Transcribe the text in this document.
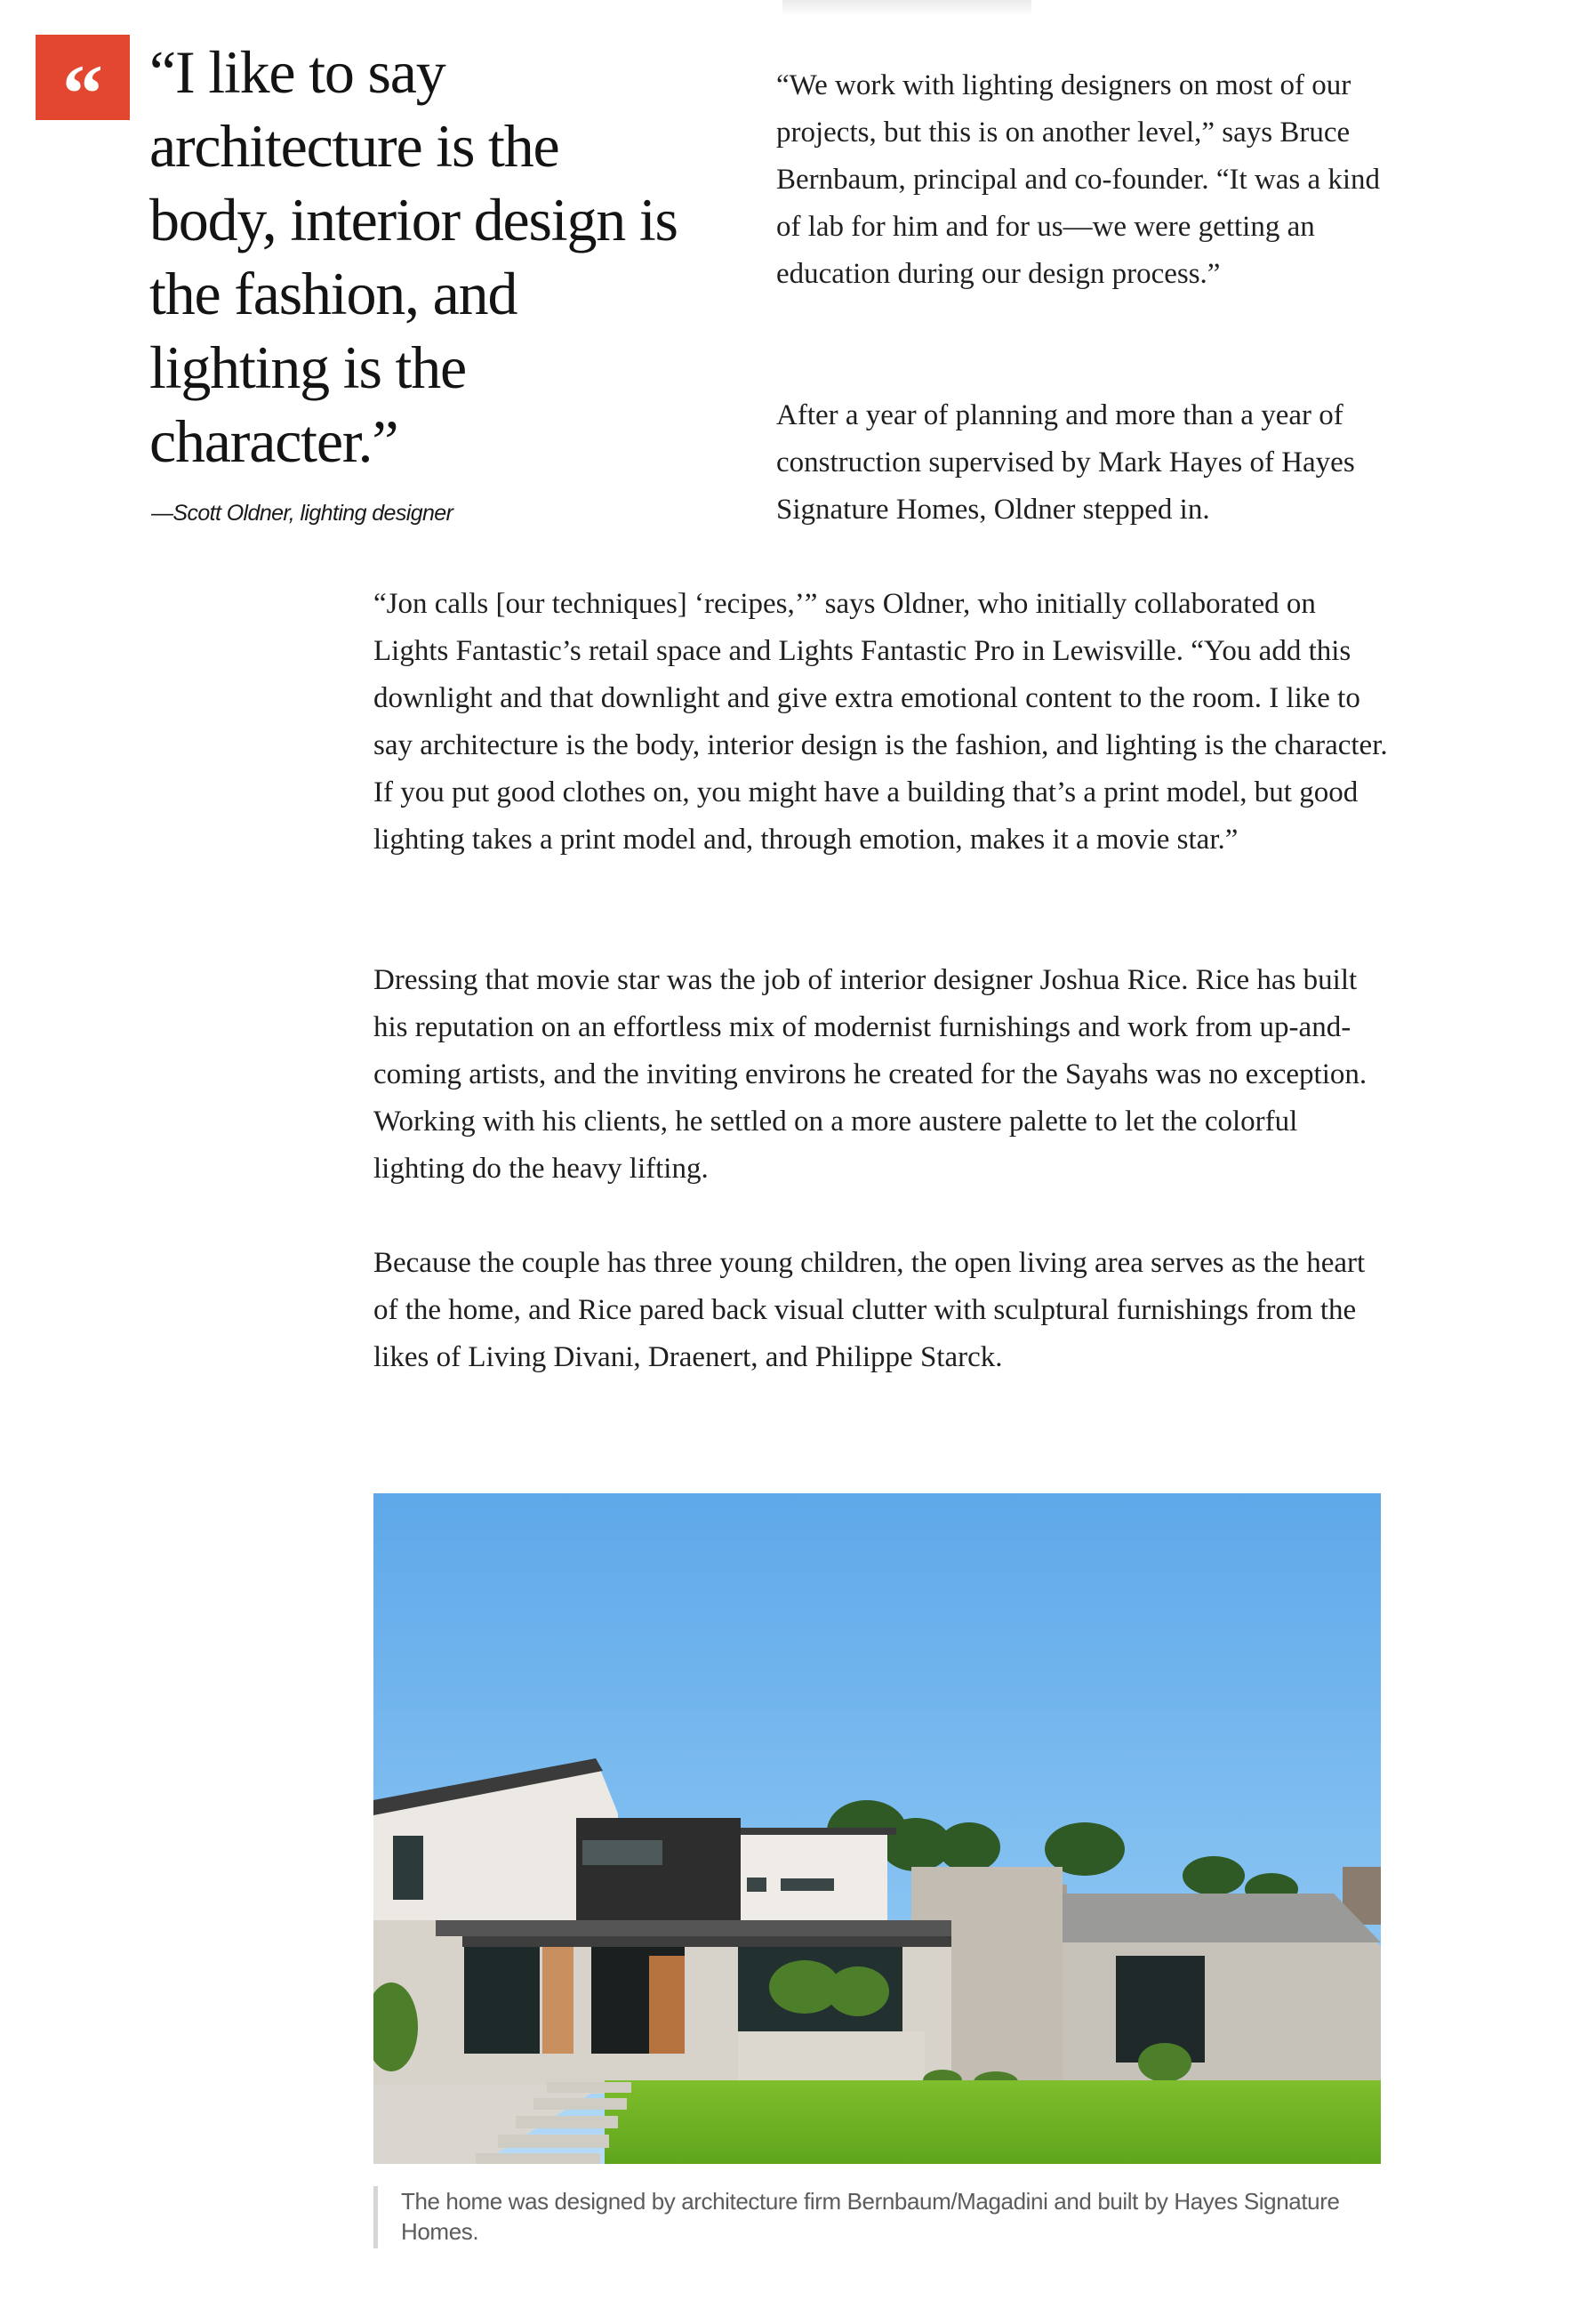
“ “I like to say architecture is the body, interior design is the fashion, and lighting is the character.”
—Scott Oldner, lighting designer

“We work with lighting designers on most of our projects, but this is on another level,” says Bruce Bernbaum, principal and co-founder. “It was a kind of lab for him and for us—we were getting an education during our design process.”

After a year of planning and more than a year of construction supervised by Mark Hayes of Hayes Signature Homes, Oldner stepped in.

“Jon calls [our techniques] ‘recipes,’” says Oldner, who initially collaborated on Lights Fantastic’s retail space and Lights Fantastic Pro in Lewisville. “You add this downlight and that downlight and give extra emotional content to the room. I like to say architecture is the body, interior design is the fashion, and lighting is the character. If you put good clothes on, you might have a building that’s a print model, but good lighting takes a print model and, through emotion, makes it a movie star.”

Dressing that movie star was the job of interior designer Joshua Rice. Rice has built his reputation on an effortless mix of modernist furnishings and work from up-and-coming artists, and the inviting environs he created for the Sayahs was no exception. Working with his clients, he settled on a more austere palette to let the colorful lighting do the heavy lifting.

Because the couple has three young children, the open living area serves as the heart of the home, and Rice pared back visual clutter with sculptural furnishings from the likes of Living Divani, Draenert, and Philippe Starck.

The home was designed by architecture firm Bernbaum/Magadini and built by Hayes Signature Homes.
